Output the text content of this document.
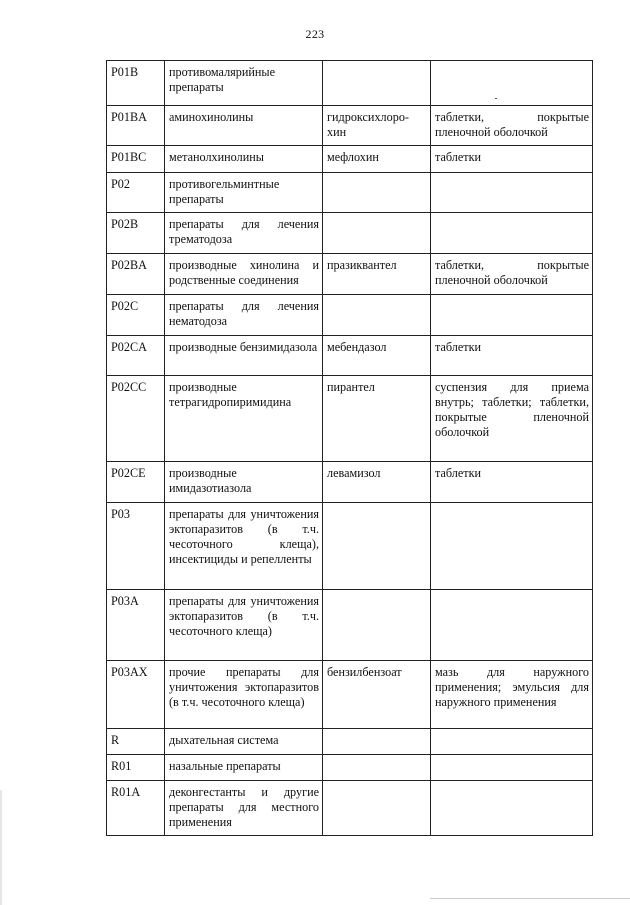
223
P01B	противомалярийные препараты		
P01BA	аминохинолины	гидроксихлоро-хин	таблетки, покрытые пленочной оболочкой
P01BC	метанолхинолины	мефлохин	таблетки
P02	противогельминтные препараты		
P02B	препараты для лечения трематодоза		
P02BA	производные хинолина и родственные соединения	празиквантел	таблетки, покрытые пленочной оболочкой
P02C	препараты для лечения нематодоза		
P02CA	производные бензимидазола	мебендазол	таблетки
P02CC	производные тетрагидропиримидина	пирантел	суспензия для приема внутрь; таблетки; таблетки, покрытые пленочной оболочкой
P02CE	производные имидазотиазола	левамизол	таблетки
P03	препараты для уничтожения эктопаразитов (в т.ч. чесоточного клеща), инсектициды и репелленты		
P03A	препараты для уничтожения эктопаразитов (в т.ч. чесоточного клеща)		
P03AX	прочие препараты для уничтожения эктопаразитов (в т.ч. чесоточного клеща)	бензилбензоат	мазь для наружного применения; эмульсия для наружного применения
R	дыхательная система		
R01	назальные препараты		
R01A	деконгестанты и другие препараты для местного применения		
